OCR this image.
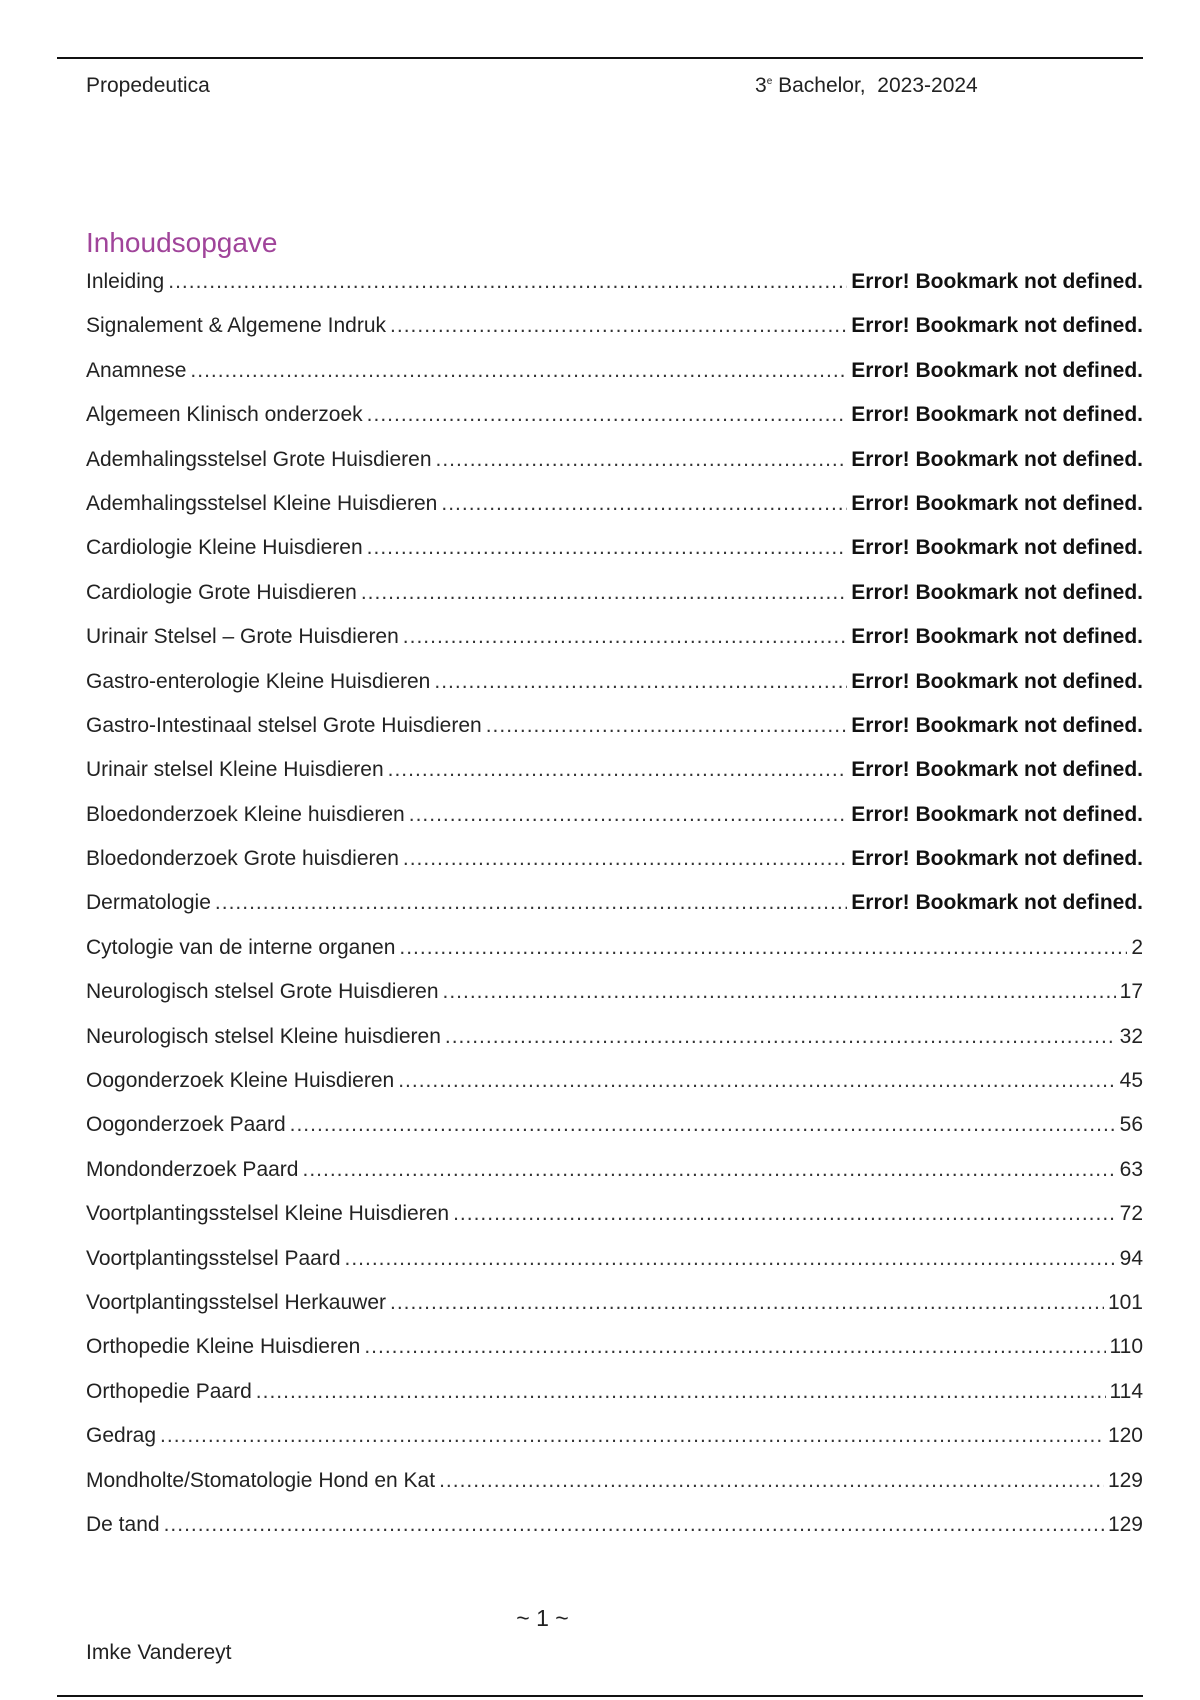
Propedeutica	3e Bachelor,  2023-2024
Inhoudsopgave
Inleiding .....	Error! Bookmark not defined.
Signalement & Algemene Indruk .....	Error! Bookmark not defined.
Anamnese .....	Error! Bookmark not defined.
Algemeen Klinisch onderzoek .....	Error! Bookmark not defined.
Ademhalingsstelsel Grote Huisdieren .....	Error! Bookmark not defined.
Ademhalingsstelsel Kleine Huisdieren .....	Error! Bookmark not defined.
Cardiologie Kleine Huisdieren .....	Error! Bookmark not defined.
Cardiologie Grote Huisdieren .....	Error! Bookmark not defined.
Urinair Stelsel – Grote Huisdieren .....	Error! Bookmark not defined.
Gastro-enterologie Kleine Huisdieren .....	Error! Bookmark not defined.
Gastro-Intestinaal stelsel Grote Huisdieren .....	Error! Bookmark not defined.
Urinair stelsel Kleine Huisdieren .....	Error! Bookmark not defined.
Bloedonderzoek Kleine huisdieren .....	Error! Bookmark not defined.
Bloedonderzoek Grote huisdieren .....	Error! Bookmark not defined.
Dermatologie .....	Error! Bookmark not defined.
Cytologie van de interne organen .....	2
Neurologisch stelsel Grote Huisdieren .....	17
Neurologisch stelsel Kleine huisdieren .....	32
Oogonderzoek Kleine Huisdieren .....	45
Oogonderzoek Paard .....	56
Mondonderzoek Paard .....	63
Voortplantingsstelsel Kleine Huisdieren .....	72
Voortplantingsstelsel Paard .....	94
Voortplantingsstelsel Herkauwer .....	101
Orthopedie Kleine Huisdieren .....	110
Orthopedie Paard .....	114
Gedrag .....	120
Mondholte/Stomatologie Hond en Kat .....	129
De tand .....	129
~ 1 ~
Imke Vandereyt
